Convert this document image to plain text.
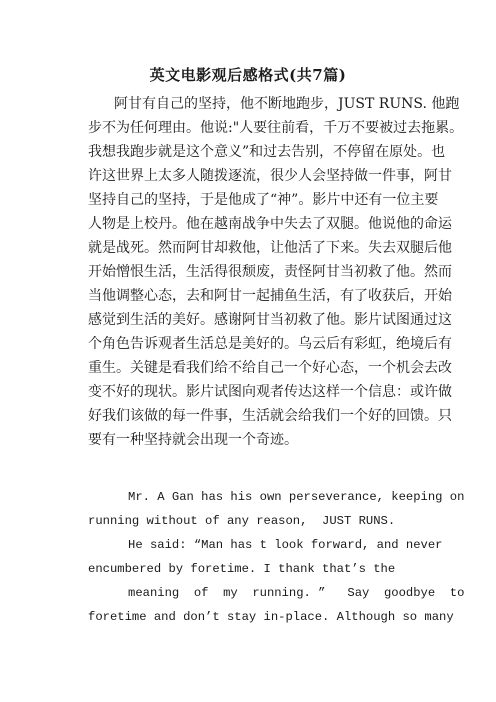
英文电影观后感格式(共7篇)
阿甘有自己的坚持，他不断地跑步，JUST RUNS. 他跑
步不为任何理由。他说:"人要往前看，千万不要被过去拖累。
我想我跑步就是这个意义”和过去告别，不停留在原处。也
许这世界上太多人随拨逐流，很少人会坚持做一件事，阿甘
坚持自己的坚持，于是他成了“神”。影片中还有一位主要
人物是上校丹。他在越南战争中失去了双腿。他说他的命运
就是战死。然而阿甘却救他，让他活了下来。失去双腿后他
开始憎恨生活，生活得很颓废，责怪阿甘当初救了他。然而
当他调整心态，去和阿甘一起捕鱼生活，有了收获后，开始
感觉到生活的美好。感谢阿甘当初救了他。影片试图通过这
个角色告诉观者生活总是美好的。乌云后有彩虹，绝境后有
重生。关键是看我们给不给自己一个好心态，一个机会去改
变不好的现状。影片试图向观者传达这样一个信息：或许做
好我们该做的每一件事，生活就会给我们一个好的回馈。只
要有一种坚持就会出现一个奇迹。
Mr. A Gan has his own perseverance, keeping on
running without of any reason,  JUST RUNS.
He said: “Man has t look forward, and never
encumbered by foretime. I thank that’s the
meaning  of  my  running. ”   Say  goodbye  to
foretime and don’t stay in-place. Although so many
